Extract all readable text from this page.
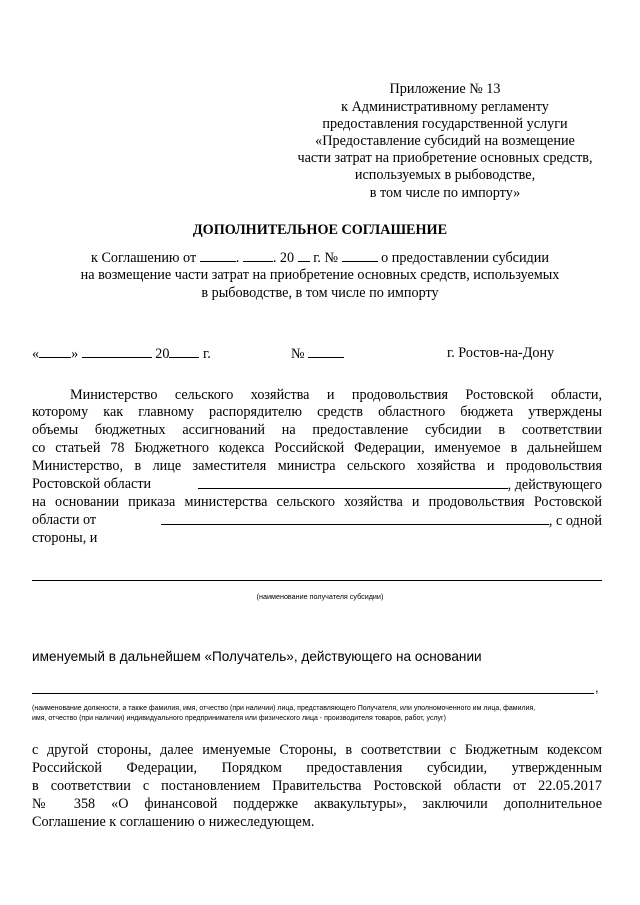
Приложение № 13
к Административному регламенту
предоставления государственной услуги
«Предоставление субсидий на возмещение
части затрат на приобретение основных средств,
используемых в рыбоводстве,
в том числе по импорту»
ДОПОЛНИТЕЛЬНОЕ СОГЛАШЕНИЕ
к Соглашению от	. . 20 г. №	о предоставлении субсидии
на возмещение части затрат на приобретение основных средств, используемых
в рыбоводстве, в том числе по импорту
« »	20 г.	№	г. Ростов-на-Дону
Министерство сельского хозяйства и продовольствия Ростовской области,
которому как главному распорядителю средств областного бюджета утверждены
объемы бюджетных ассигнований на предоставление субсидии в соответствии
со статьей 78 Бюджетного кодекса Российской Федерации, именуемое в дальнейшем
Министерство, в лице заместителя министра сельского хозяйства и продовольствия
Ростовской области	, действующего
на основании приказа министерства сельского хозяйства и продовольствия Ростовской
области от	, с одной
стороны, и
(наименование получателя субсидии)
именуемый в дальнейшем «Получатель», действующего на основании
,
(наименование должности, а также фамилия, имя, отчество (при наличии) лица, представляющего Получателя, или уполномоченного им лица, фамилия,
имя, отчество (при наличии) индивидуального предпринимателя или физического лица - производителя товаров, работ, услуг)
с другой стороны, далее именуемые Стороны, в соответствии с Бюджетным кодексом
Российской Федерации, Порядком предоставления субсидии, утвержденным
в соответствии с постановлением Правительства Ростовской области от 22.05.2017
№ 358 «О финансовой поддержке аквакультуры», заключили дополнительное
Соглашение к соглашению о нижеследующем.
